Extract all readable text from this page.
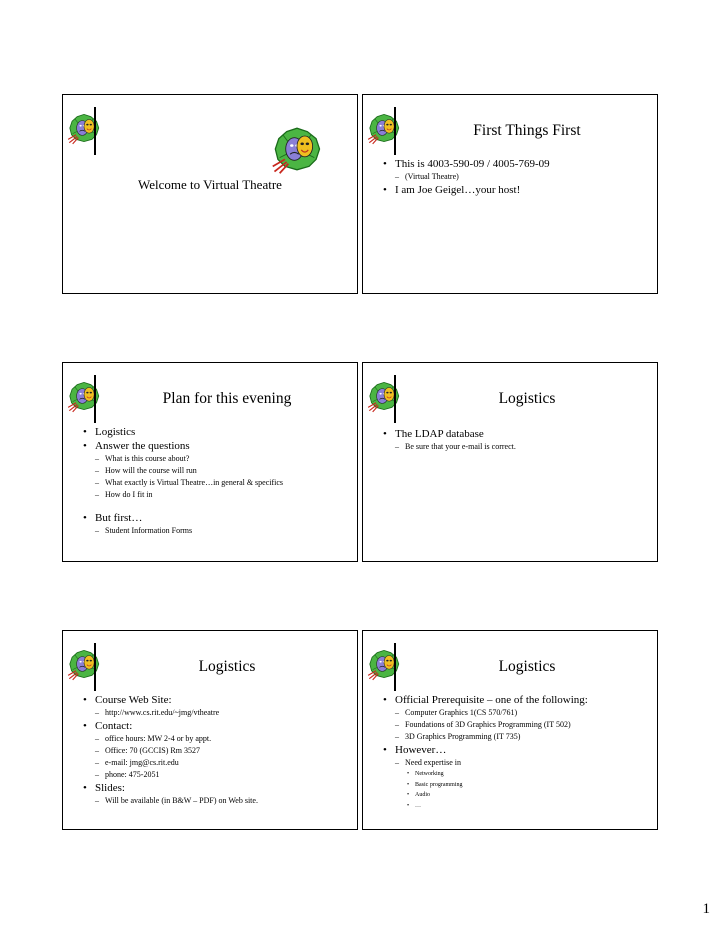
Welcome to Virtual Theatre
First Things First
• This is 4003-590-09 / 4005-769-09
– (Virtual Theatre)
• I am Joe Geigel…your host!
Plan for this evening
• Logistics
• Answer the questions
– What is this course about?
– How will the course will run
– What exactly is Virtual Theatre…in general & specifics
– How do I fit in
• But first…
– Student Information Forms
Logistics
• The LDAP database
– Be sure that your e-mail is correct.
Logistics
• Course Web Site:
– http://www.cs.rit.edu/~jmg/vtheatre
• Contact:
– office hours: MW 2-4 or by appt.
– Office: 70 (GCCIS) Rm 3527
– e-mail: jmg@cs.rit.edu
– phone: 475-2051
• Slides:
– Will be available (in B&W – PDF) on Web site.
Logistics
• Official Prerequisite – one of the following:
– Computer Graphics 1(CS 570/761)
– Foundations of 3D Graphics Programming (IT 502)
– 3D Graphics Programming (IT 735)
• However…
– Need expertise in
• Networking
• Basic programming
• Audio
• …
1
